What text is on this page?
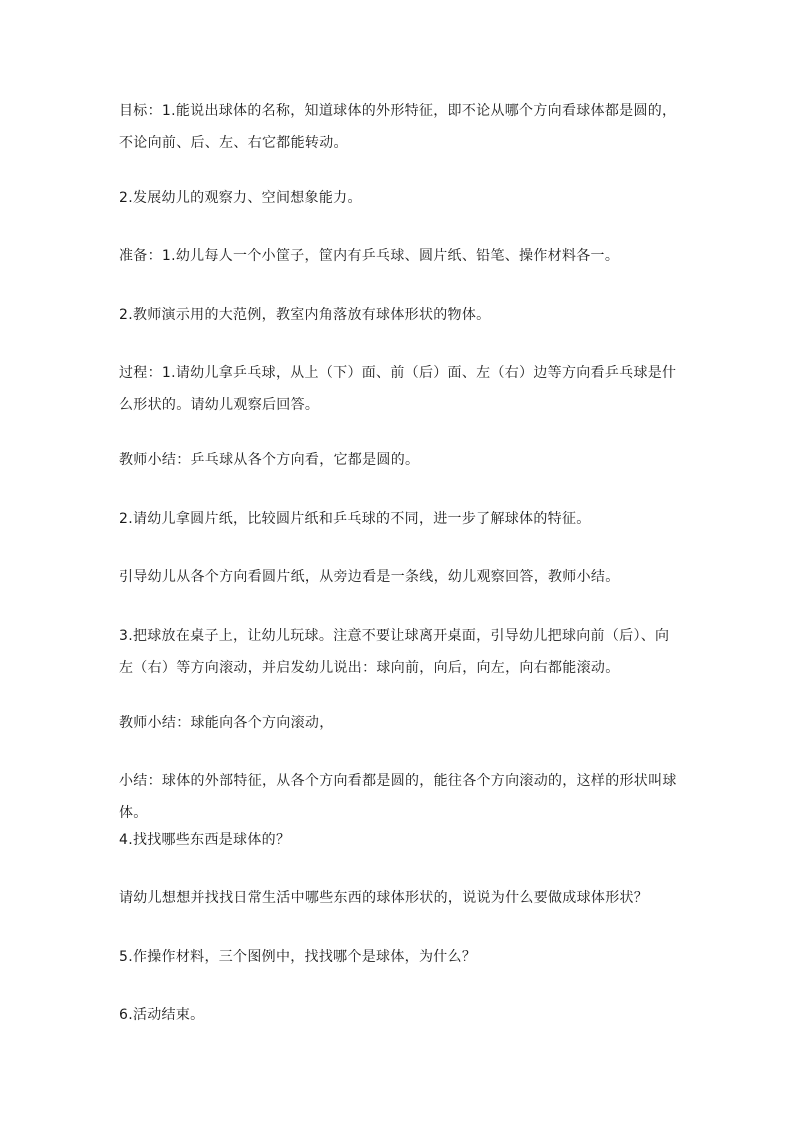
目标：1.能说出球体的名称，知道球体的外形特征，即不论从哪个方向看球体都是圆的，不论向前、后、左、右它都能转动。

2.发展幼儿的观察力、空间想象能力。

准备：1.幼儿每人一个小筐子，筐内有乒乓球、圆片纸、铅笔、操作材料各一。

2.教师演示用的大范例，教室内角落放有球体形状的物体。

过程：1.请幼儿拿乒乓球，从上（下）面、前（后）面、左（右）边等方向看乒乓球是什么形状的。请幼儿观察后回答。

教师小结：乒乓球从各个方向看，它都是圆的。

2.请幼儿拿圆片纸，比较圆片纸和乒乓球的不同，进一步了解球体的特征。

引导幼儿从各个方向看圆片纸，从旁边看是一条线，幼儿观察回答，教师小结。

3.把球放在桌子上，让幼儿玩球。注意不要让球离开桌面，引导幼儿把球向前（后）、向左（右）等方向滚动，并启发幼儿说出：球向前，向后，向左，向右都能滚动。

教师小结：球能向各个方向滚动，

小结：球体的外部特征，从各个方向看都是圆的，能往各个方向滚动的，这样的形状叫球体。

4.找找哪些东西是球体的？

请幼儿想想并找找日常生活中哪些东西的球体形状的，说说为什么要做成球体形状？

5.作操作材料，三个图例中，找找哪个是球体，为什么？

6.活动结束。
